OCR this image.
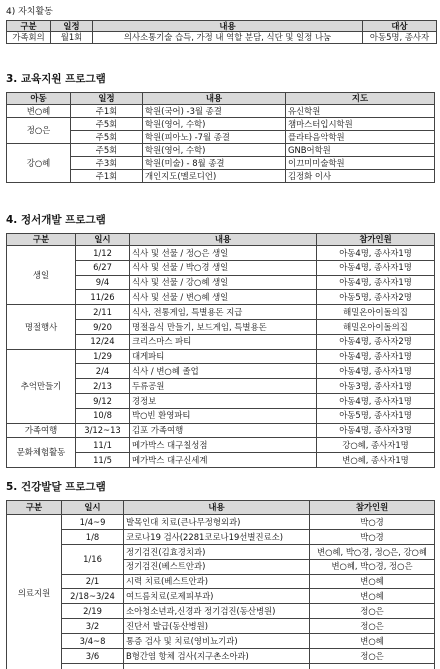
4) 자치활동
구분	일정	내용	대상
가족회의	월1회	의사소통기술 습득, 가정 내 역할 분담, 식단 및 일정 나눔	아동5명, 종사자
3. 교육지원 프로그램
아동	일정	내용	지도
변○혜	주1회	학원(국어) -3월 종결	유신학원
정○은	주5회	학원(영어, 수학)	챔마스터입시학원
	주5회	학원(피아노) -7월 종결	플라타음악학원
강○혜	주5회	학원(영어, 수학)	GNB어학원
	주3회	학원(미술) - 8월 종결	이끄미미술학원
	주1회	개인지도(멜로디언)	김정화 이사
4. 정서개발 프로그램
구분	일시	내용	참가인원
생일	1/12	식사 및 선물 / 정○은 생일	아동4명, 종사자1명
	6/27	식사 및 선물 / 박○경 생일	아동4명, 종사자1명
	9/4	식사 및 선물 / 강○혜 생일	아동4명, 종사자1명
	11/26	식사 및 선물 / 변○혜 생일	아동5명, 종사자2명
명절행사	2/11	식사, 전통게임, 특별용돈 지급	해밀온아이돌의집
	9/20	명절음식 만들기, 보드게임, 특별용돈	해밀온아이돌의집
	12/24	크리스마스 파티	아동4명, 종사자2명
추억만들기	1/29	대게파티	아동4명, 종사자1명
	2/4	식사 / 변○혜 졸업	아동4명, 종사자1명
	2/13	두류공원	아동3명, 종사자1명
	9/12	경정보	아동4명, 종사자1명
	10/8	박○빈 환영파티	아동5명, 종사자1명
가족여행	3/12~13	김포 가족여행	아동4명, 종사자3명
문화체험활동	11/1	메가박스 대구칠성점	강○혜, 종사자1명
	11/5	메가박스 대구신세계	변○혜, 종사자1명
5. 건강발달 프로그램
구분	일시	내용	참가인원
의료지원	1/4~9	발목인대 치료(큰나무정형외과)	박○경
	1/8	코로나19 검사(2281코로나19선별진료소)	박○경
	1/16	정기검진(김효경치과)	변○혜, 박○경, 정○은, 강○혜
		정기검진(베스트안과)	변○혜, 박○경, 정○은
	2/1	시력 치료(베스트안과)	변○혜
	2/18~3/24	여드름치료(로제피부과)	변○혜
	2/19	소아청소년과,신경과 정기검진(동산병원)	정○은
	3/2	진단서 발급(동산병원)	정○은
	3/4~8	통증 검사 및 치료(영비뇨기과)	변○혜
	3/6	B형간염 항체 검사(지구촌소아과)	정○은
